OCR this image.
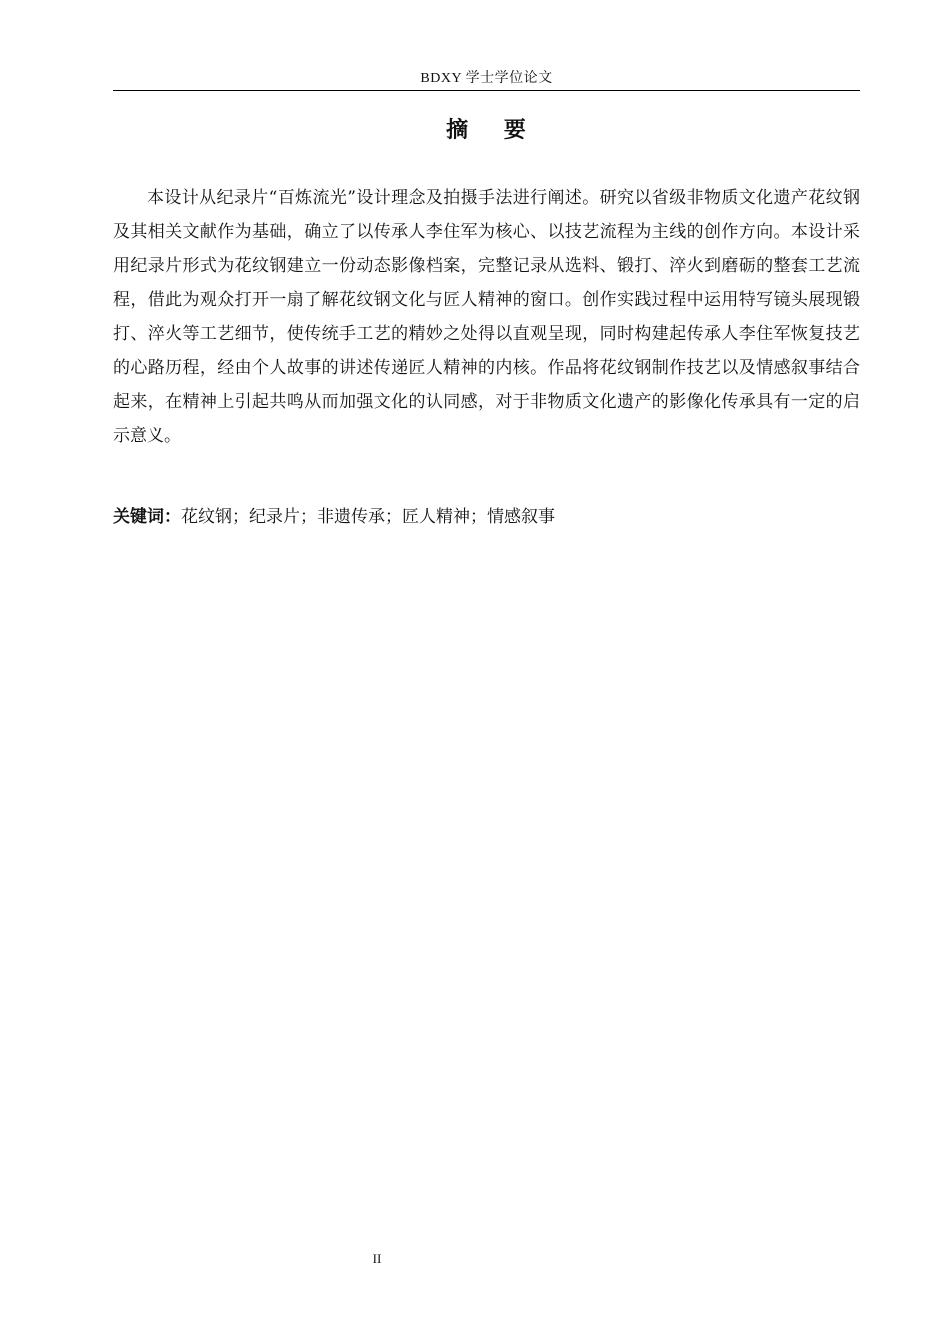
BDXY 学士学位论文
摘    要

本设计从纪录片“百炼流光”设计理念及拍摄手法进行阐述。研究以省级非物质文化遗产花纹钢及其相关文献作为基础，确立了以传承人李住军为核心、以技艺流程为主线的创作方向。本设计采用纪录片形式为花纹钢建立一份动态影像档案，完整记录从选料、锻打、淬火到磨砺的整套工艺流程，借此为观众打开一扇了解花纹钢文化与匠人精神的窗口。创作实践过程中运用特写镜头展现锻打、淬火等工艺细节，使传统手工艺的精妙之处得以直观呈现，同时构建起传承人李住军恢复技艺的心路历程，经由个人故事的讲述传递匠人精神的内核。作品将花纹钢制作技艺以及情感叙事结合起来，在精神上引起共鸣从而加强文化的认同感，对于非物质文化遗产的影像化传承具有一定的启示意义。

关键词：花纹钢；纪录片；非遗传承；匠人精神；情感叙事

II
